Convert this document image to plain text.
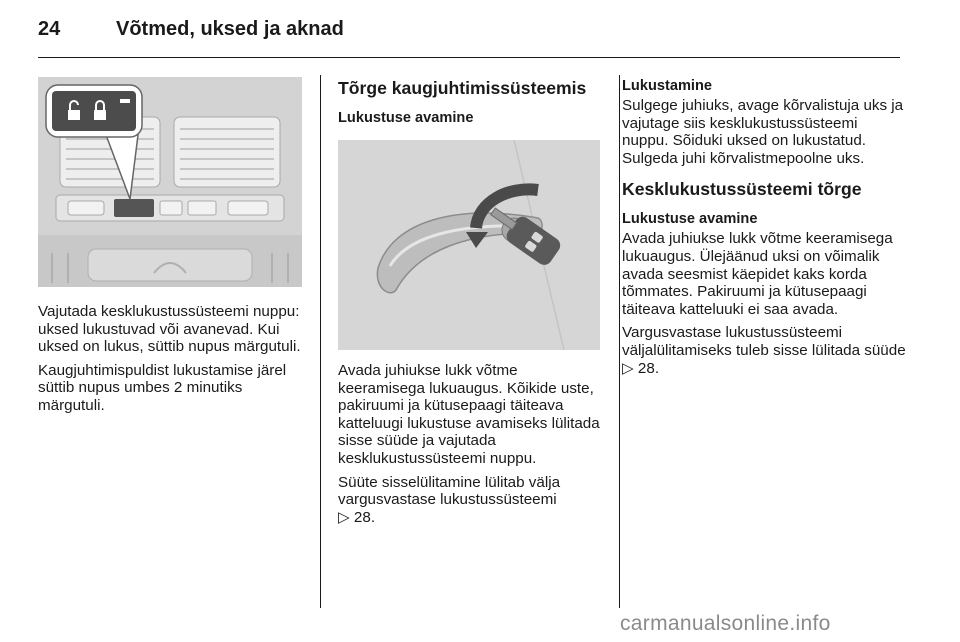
24	Võtmed, uksed ja aknad

Vajutada kesklukustussüsteemi nuppu: uksed lukustuvad või avanevad. Kui uksed on lukus, süttib nupus märgutuli.

Kaugjuhtimispuldist lukustamise järel süttib nupus umbes 2 minutiks märgutuli.

Tõrge kaugjuhtimissüsteemis
Lukustuse avamine

Avada juhiukse lukk võtme keeramisega lukuaugus. Kõikide uste, pakiruumi ja kütusepaagi täiteava katteluugi lukustuse avamiseks lülitada sisse süüde ja vajutada kesklukustussüsteemi nuppu.

Süüte sisselülitamine lülitab välja vargusvastase lukustussüsteemi
▷ 28.

Lukustamine

Sulgege juhiuks, avage kõrvalistuja uks ja vajutage siis kesklukustussüsteemi nuppu. Sõiduki uksed on lukustatud. Sulgeda juhi kõrvalistmepoolne uks.

Kesklukustussüsteemi tõrge
Lukustuse avamine

Avada juhiukse lukk võtme keeramisega lukuaugus. Ülejäänud uksi on võimalik avada seesmist käepidet kaks korda tõmmates. Pakiruumi ja kütusepaagi täiteava katteluuki ei saa avada.

Vargusvastase lukustussüsteemi väljalülitamiseks tuleb sisse lülitada süüde ▷ 28.

carmanualsonline.info
